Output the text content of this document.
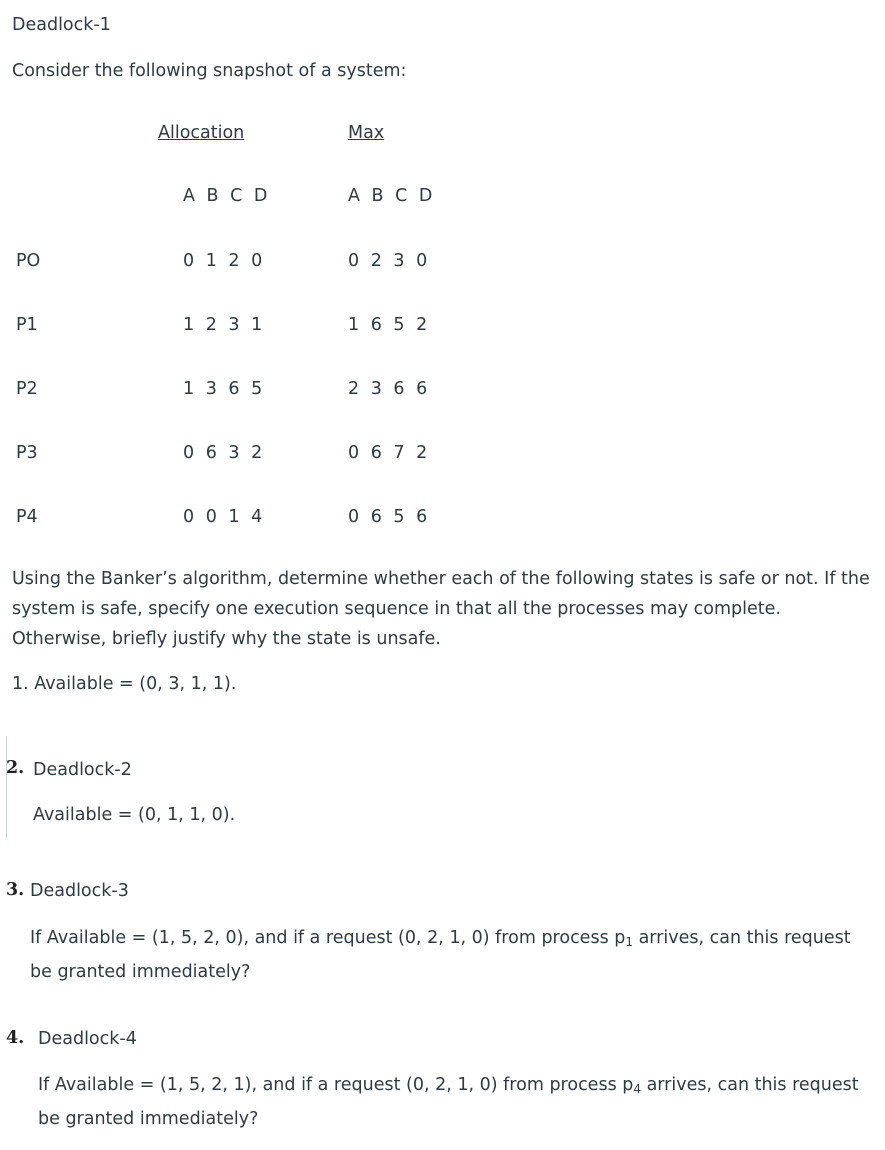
Deadlock-1
Consider the following snapshot of a system:
Allocation	Max
A B C D	A B C D
PO	0 1 2 0	0 2 3 0
P1	1 2 3 1	1 6 5 2
P2	1 3 6 5	2 3 6 6
P3	0 6 3 2	0 6 7 2
P4	0 0 1 4	0 6 5 6
Using the Banker’s algorithm, determine whether each of the following states is safe or not. If the system is safe, specify one execution sequence in that all the processes may complete. Otherwise, briefly justify why the state is unsafe.
1. Available = (0, 3, 1, 1).
2. Deadlock-2
Available = (0, 1, 1, 0).
3. Deadlock-3
If Available = (1, 5, 2, 0), and if a request (0, 2, 1, 0) from process $p_1$ arrives, can this request be granted immediately?
4. Deadlock-4
If Available = (1, 5, 2, 1), and if a request (0, 2, 1, 0) from process $p_4$ arrives, can this request be granted immediately?
